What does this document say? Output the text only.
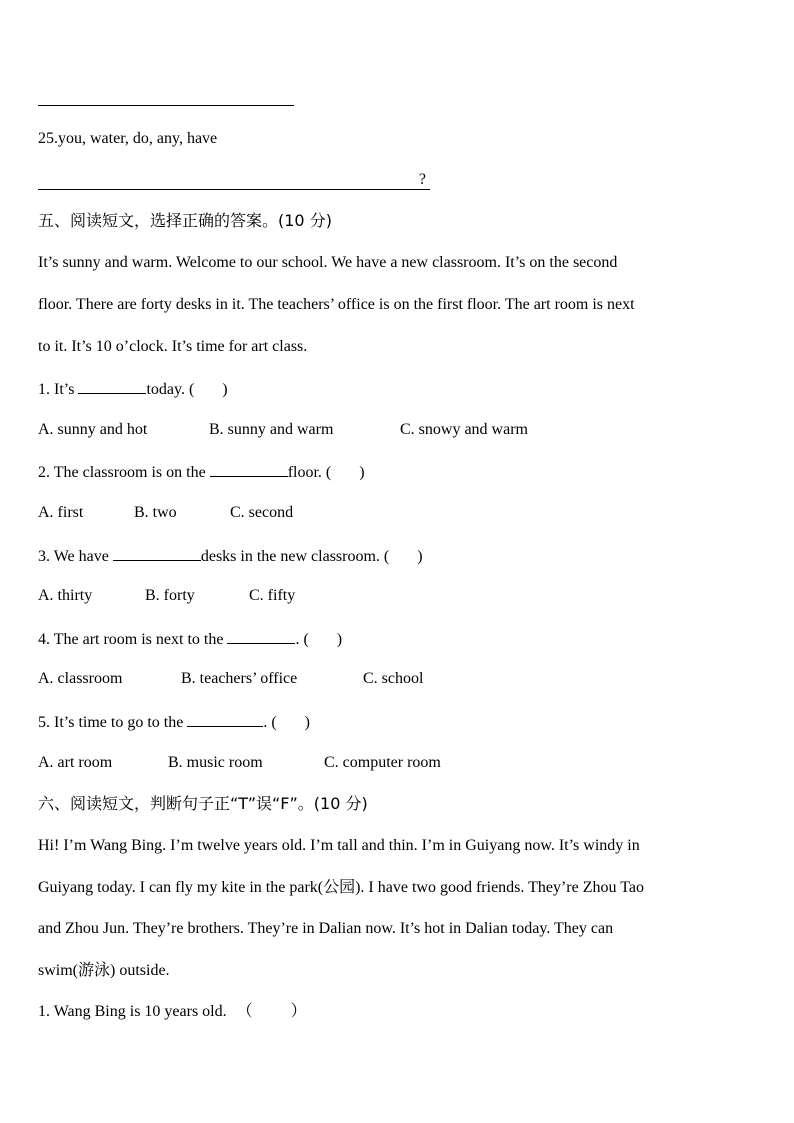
25.you, water, do, any, have
?
五、阅读短文，选择正确的答案。(10 分)
It’s sunny and warm. Welcome to our school. We have a new classroom. It’s on the second
floor. There are forty desks in it. The teachers’ office is on the first floor. The art room is next
to it. It’s 10 o’clock. It’s time for art class.
1. It’s	today. ( )
A. sunny and hot	B. sunny and warm	C. snowy and warm
2. The classroom is on the	floor. ( )
A. first	B. two	C. second
3. We have	desks in the new classroom. ( )
A. thirty	B. forty	C. fifty
4. The art room is next to the	. ( )
A. classroom	B. teachers’ office	C. school
5. It’s time to go to the	. ( )
A. art room	B. music room	C. computer room
六、阅读短文，判断句子正“T”误“F”。(10 分)
Hi! I’m Wang Bing. I’m twelve years old. I’m tall and thin. I’m in Guiyang now. It’s windy in
Guiyang today. I can fly my kite in the park(公园). I have two good friends. They’re Zhou Tao
and Zhou Jun. They’re brothers. They’re in Dalian now. It’s hot in Dalian today. They can
swim(游泳) outside.
1. Wang Bing is 10 years old. （ ）
